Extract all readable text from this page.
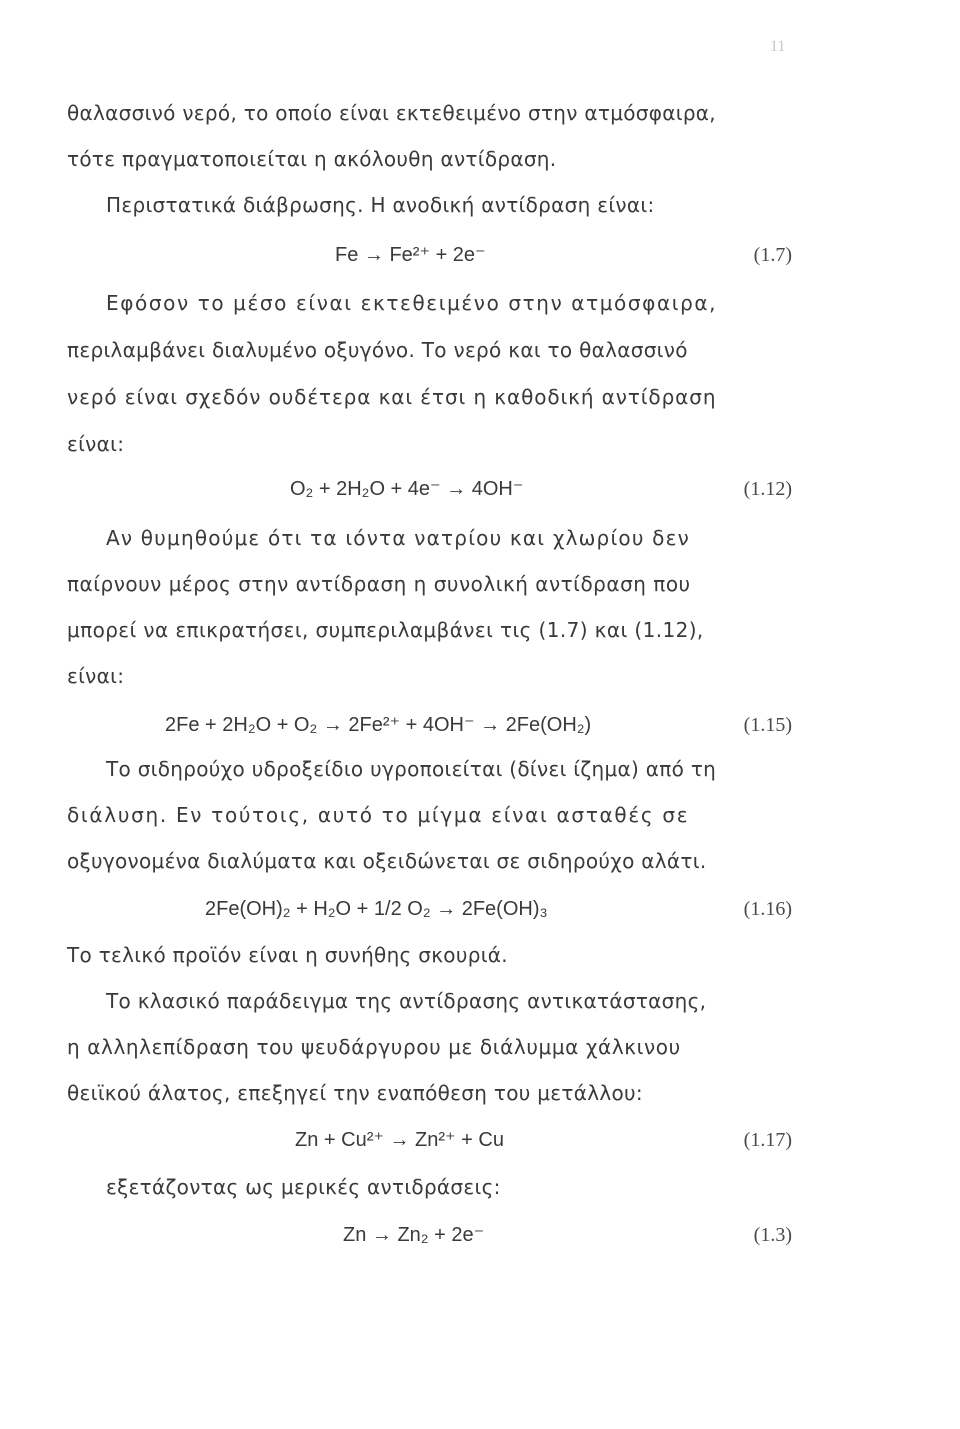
11
θαλασσινό νερό, το οποίο είναι εκτεθειμένο στην ατμόσφαιρα,
τότε πραγματοποιείται η ακόλουθη αντίδραση.
Περιστατικά διάβρωσης. Η ανοδική αντίδραση είναι:
Fe → Fe²⁺ + 2e⁻	(1.7)
Εφόσον το μέσο είναι εκτεθειμένο στην ατμόσφαιρα,
περιλαμβάνει διαλυμένο οξυγόνο. Το νερό και το θαλασσινό
νερό είναι σχεδόν ουδέτερα και έτσι η καθοδική αντίδραση
είναι:
O₂ + 2H₂O + 4e⁻ → 4OH⁻	(1.12)
Αν θυμηθούμε ότι τα ιόντα νατρίου και χλωρίου δεν
παίρνουν μέρος στην αντίδραση η συνολική αντίδραση που
μπορεί να επικρατήσει, συμπεριλαμβάνει τις (1.7) και (1.12),
είναι:
2Fe + 2H₂O + O₂ → 2Fe²⁺ + 4OH⁻ → 2Fe(OH₂)	(1.15)
Το σιδηρούχο υδροξείδιο υγροποιείται (δίνει ίζημα) από τη
διάλυση. Εν τούτοις, αυτό το μίγμα είναι ασταθές σε
οξυγονομένα διαλύματα και οξειδώνεται σε σιδηρούχο αλάτι.
2Fe(OH)₂ + H₂O + 1/2 O₂ → 2Fe(OH)₃	(1.16)
Το τελικό προϊόν είναι η συνήθης σκουριά.
Το κλασικό παράδειγμα της αντίδρασης αντικατάστασης,
η αλληλεπίδραση του ψευδάργυρου με διάλυμμα χάλκινου
θειϊκού άλατος, επεξηγεί την εναπόθεση του μετάλλου:
Zn + Cu²⁺ → Zn²⁺ + Cu	(1.17)
εξετάζοντας ως μερικές αντιδράσεις:
Zn → Zn₂ + 2e⁻	(1.3)
